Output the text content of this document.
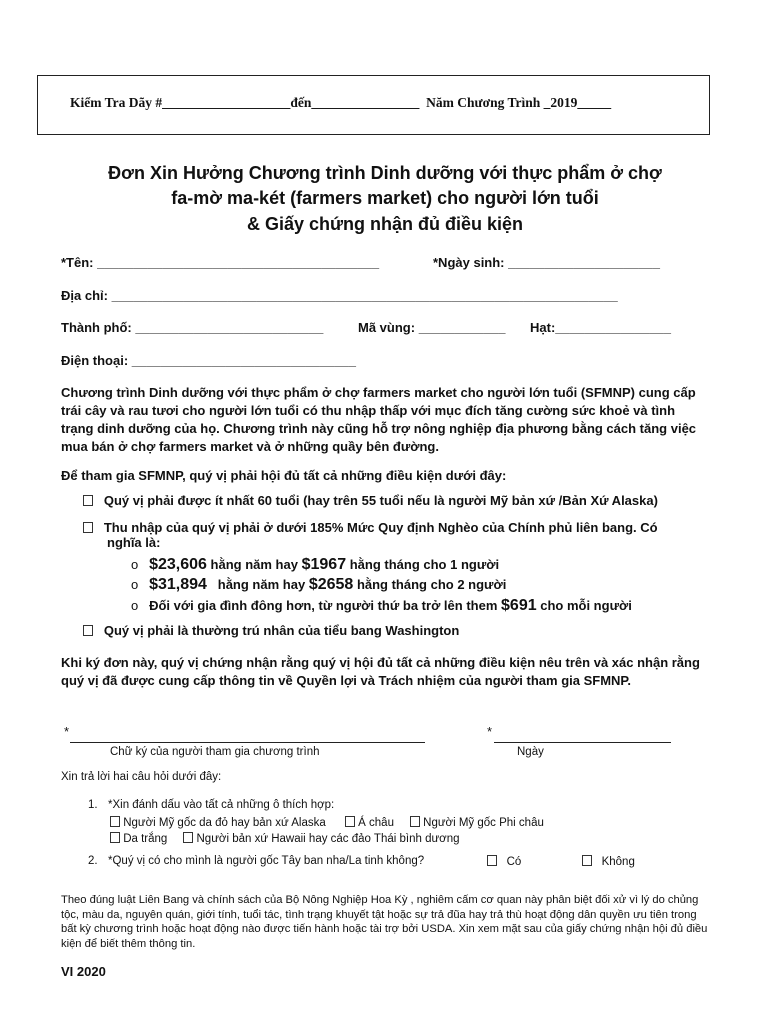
Kiểm Tra Dãy #___________________đến________________ Năm Chương Trình _2019_____
Đơn Xin Hưởng Chương trình Dinh dưỡng với thực phẩm ở chợ
fa-mờ ma-két (farmers market) cho người lớn tuổi
& Giấy chứng nhận đủ điều kiện
*Tên: _______________________________________	*Ngày sinh: _____________________
Địa chỉ: ______________________________________________________________________
Thành phố: __________________________	Mã vùng: ____________ Hạt:________________
Điện thoại: _______________________________
Chương trình Dinh dưỡng với thực phẩm ở chợ farmers market cho người lớn tuổi (SFMNP) cung cấp trái cây và rau tươi cho người lớn tuổi có thu nhập thấp với mục đích tăng cường sức khoẻ và tình trạng dinh dưỡng của họ. Chương trình này cũng hỗ trợ nông nghiệp địa phương bằng cách tăng việc mua bán ở chợ farmers market và ở những quầy bên đường.
Để tham gia SFMNP, quý vị phải hội đủ tất cả những điều kiện dưới đây:
Quý vị phải được ít nhất 60 tuổi (hay trên 55 tuổi nếu là người Mỹ bản xứ /Bản Xứ Alaska)
Thu nhập của quý vị phải ở dưới 185% Mức Quy định Nghèo của Chính phủ liên bang. Có
nghĩa là:
o $23,606 hằng năm hay $1967 hằng tháng cho 1 người
o $31,894 hằng năm hay $2658 hằng tháng cho 2 người
o Đối với gia đình đông hơn, từ người thứ ba trở lên them $691 cho mỗi người
Quý vị phải là thường trú nhân của tiểu bang Washington
Khi ký đơn này, quý vị chứng nhận rằng quý vị hội đủ tất cả những điều kiện nêu trên và xác nhận rằng quý vị đã được cung cấp thông tin về Quyền lợi và Trách nhiệm của người tham gia SFMNP.
*
Chữ ký của người tham gia chương trình
*
Ngày
Xin trả lời hai câu hỏi dưới đây:
1. *Xin đánh dấu vào tất cả những ô thích hợp:
Người Mỹ gốc da đỏ hay bản xứ Alaska	Á châu	Người Mỹ gốc Phi châu
Da trắng	Người bản xứ Hawaii hay các đảo Thái bình dương
2. *Quý vị có cho mình là người gốc Tây ban nha/La tinh không?	Có	Không
Theo đúng luật Liên Bang và chính sách của Bộ Nông Nghiệp Hoa Kỳ , nghiêm cấm cơ quan này phân biệt đối xử vì lý do chủng tộc, màu da, nguyên quán, giới tính, tuổi tác, tình trạng khuyết tật hoặc sự trả đũa hay trả thù hoạt động dân quyền ưu tiên trong bất kỳ chương trình hoặc hoạt động nào được tiến hành hoặc tài trợ bởi USDA. Xin xem mặt sau của giấy chứng nhận hội đủ điều kiện để biết thêm thông tin.
VI 2020
